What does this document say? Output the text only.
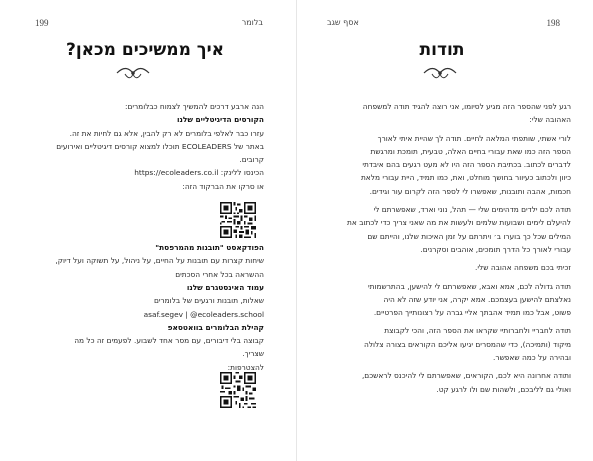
199	בלומר
איך ממשיכים מכאן?

הנה ארבע דרכים להמשיך לצמוח כבלומרים:

הקורסים הדיגיטליים שלנו

עזרו כבר לאלפי בלומרים לא רק להבין, אלא גם לחיות את זה.

באתר של ECOLEADERS תוכלו למצוא קורסים דיגיטליים ואירועים

קרובים.

הכינסו ללינק: https://ecoleaders.co.il

או סרקו את הברקוד הזה:

הפודקאסט "תובנות מהמרפסת"

שיחות קצרות עם תובנות על החיים, על ניהול, על תשוקה ועל דיוק,

ההשראה בכל אחרי הסכתים

עמוד האינסטגרם שלנו

שאלות, תובנות ורגעים של בלומרים

asaf.segev | @ecoleaders.school

קהילת הבלומרים בוואטסאפ

קבוצה בלי דיבורים, עם מסר אחד לשבוע. לפעמים זה כל מה

שצריך.

להצטרפות:

אסף שגב	198
תודות

רגע לפני שהספר הזה מגיע לסיומו, אני רוצה להגיד תודה למשפחה

האהובה שלי:

לורי אשתי, שותפתי המלאה לחיים. תודה לך שהיית איתי לאורך

הספר הזה כמו שאת עבורי בחיים האלה, טבעית, תומכת ומרגשת

לדברים לכתוב. בכתיבת הספר הזה היו לא מעט רגעים בהם איבדתי

כיוון ולכתוב כעיוור בחושך מוחלט, ואת, כמו תמיד, היית עבורי מלאת

חכמות, אהבה ותובנות, שאפשרו לי לספר הזה לקרום עור וגידים.

תודה לכם ילדים מדהימים שלי — תהל, נוני וארד, שאפשרתם לי

להיעלם לימים ושבועות שלמים ולעשות את מה שאני צריך כדי לכתוב את

המילים שכל כך בוערו ב׳ ויתרתם על זמן האיכות שלנו, והייתם שם

עבורי לאורך כל הדרך תומכים, אוהבים וסקרנים.

זכיתי בכם משפחה אהובה שלי.

תודה גדולה לכם, אמא ואבא, שאפשרתם לי להישען, בהתרשמותי

נאלצתם להישען בעצמכם. אמא יקרה, אני יודע שזה לא היה

פשוט, אבל כמו תמיד אהבתך אליי גברה על רצונותייך הפרטיים.

תודה לחבריי ולחברותיי שקראו את הספר הזה, והכי לקבוצת

מיקוד (ותמיכה), כדי שהמסרים יגיעו אליכם הקוראים בצורה צלולה

ובהירה על כמה שאפשר.

ותודה אחרונה היא לכם, הקוראים, שאפשרתם לי להיכנס לראשכם,

ואולי גם לליבכם, ולשהות שם ולו לרגע קט.
